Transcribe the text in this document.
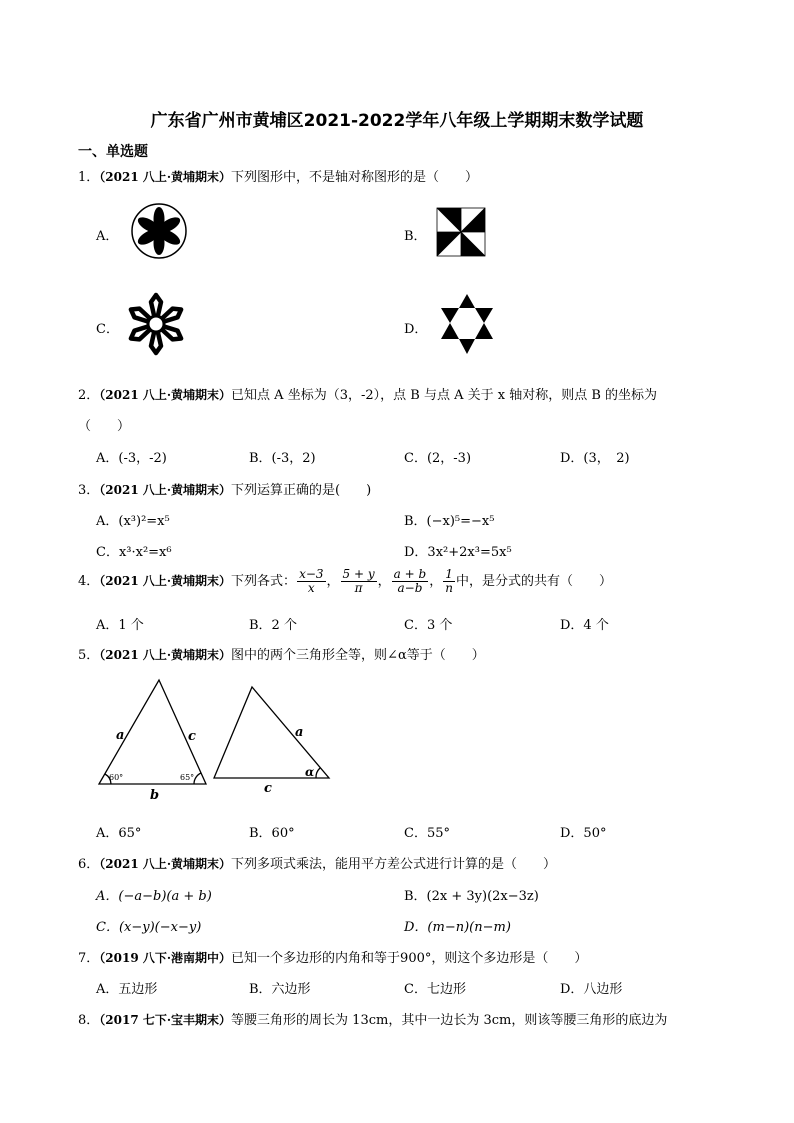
广东省广州市黄埔区2021-2022学年八年级上学期期末数学试题
一、单选题
1．（2021 八上·黄埔期末）下列图形中，不是轴对称图形的是（　　）
A．	B．
C．	D．
2．（2021 八上·黄埔期末）已知点 A 坐标为（3，-2），点 B 与点 A 关于 x 轴对称，则点 B 的坐标为
（　　）
A．(-3，-2)	B．(-3，2)	C．(2，-3)	D．(3，　2)
3．（2021 八上·黄埔期末）下列运算正确的是(　　)
A．(x³)²=x⁵	B．(−x)⁵=−x⁵
C．x³·x²=x⁶	D．3x²+2x³=5x⁵
4．（2021 八上·黄埔期末）下列各式： $\frac{x-3}{x}$ ， $\frac{5 + y}{\pi}$ ， $\frac{a + b}{a-b}$ ， $\frac{1}{n}$ 中，是分式的共有（　　）
A．1 个	B．2 个	C．3 个	D．4 个
5．（2021 八上·黄埔期末）图中的两个三角形全等，则∠α等于（　　）
a	c
b
60°	65°
a
α
c
A．65°	B．60°	C．55°	D．50°
6．（2021 八上·黄埔期末）下列多项式乘法，能用平方差公式进行计算的是（　　）
A．(−a−b)(a + b)	B．(2x + 3y)(2x−3z)
C．(x−y)(−x−y)	D．(m−n)(n−m)
7．（2019 八下·港南期中）已知一个多边形的内角和等于900°，则这个多边形是（　　）
A．五边形	B．六边形	C．七边形	D．八边形
8．（2017 七下·宝丰期末）等腰三角形的周长为 13cm，其中一边长为 3cm，则该等腰三角形的底边为
